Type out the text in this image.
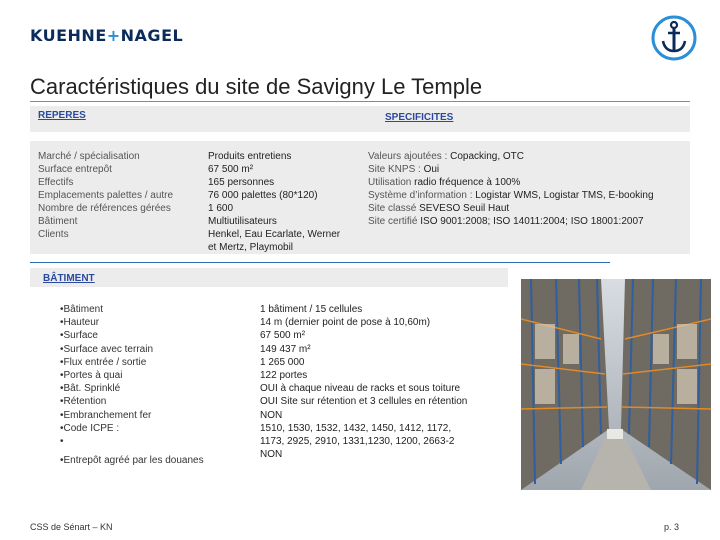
KUEHNE+NAGEL
Caractéristiques du site de Savigny Le Temple
REPERES	SPECIFICITES
Marché / spécialisation
Surface entrepôt
Effectifs
Emplacements palettes / autre
Nombre de références gérées
Bâtiment
Clients
Produits entretiens
67 500 m²
165 personnes
76 000 palettes (80*120)
1 600
Multiutilisateurs
Henkel, Eau Ecarlate, Werner
et Mertz, Playmobil
Valeurs ajoutées : Copacking, OTC
Site KNPS : Oui
Utilisation radio fréquence à 100%
Système d’information : Logistar WMS, Logistar TMS, E-booking
Site classé SEVESO Seuil Haut
Site certifié ISO 9001:2008; ISO 14011:2004; ISO 18001:2007
BÂTIMENT
• Bâtiment
• Hauteur
• Surface
• Surface avec terrain
• Flux entrée / sortie
• Portes à quai
• Bât. Sprinklé
• Rétention
• Embranchement fer
• Code ICPE :
•
• Entrepôt agréé par les douanes
1 bâtiment / 15 cellules
14 m (dernier point de pose à 10,60m)
67 500 m²
149 437 m²
1 265 000
122 portes
OUI à chaque niveau de racks et sous toiture
OUI Site sur rétention et 3 cellules en rétention
NON
1510, 1530, 1532, 1432, 1450, 1412, 1172,
1173, 2925, 2910, 1331,1230, 1200, 2663-2
NON
CSS de Sénart – KN	p. 3
